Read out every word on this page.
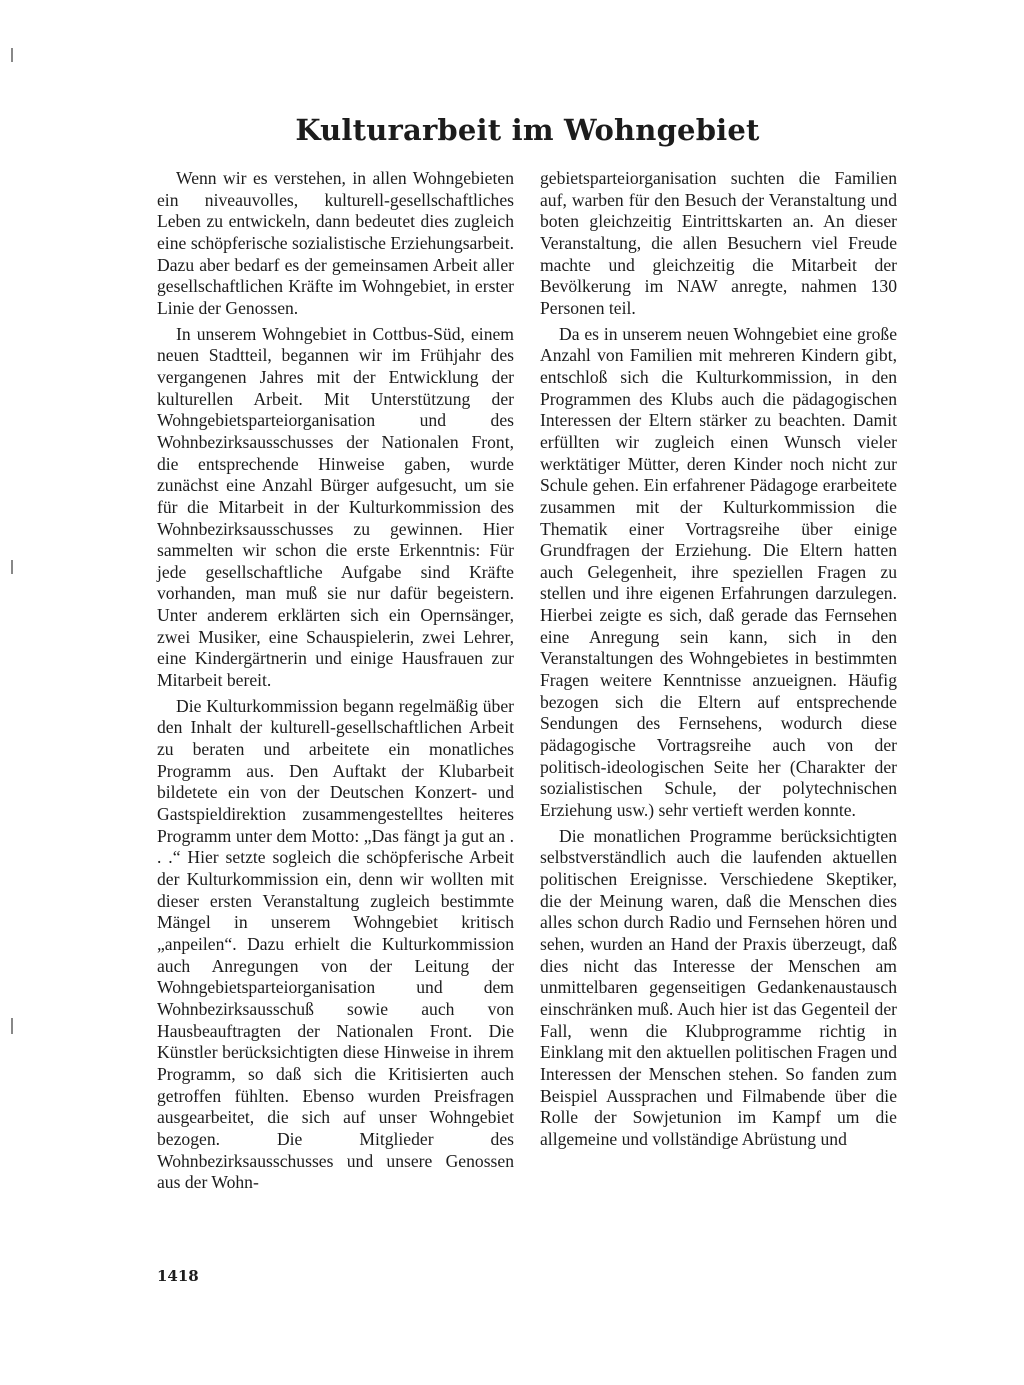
Kulturarbeit im Wohngebiet

Wenn wir es verstehen, in allen Wohngebieten ein niveauvolles, kulturell-gesellschaftliches Leben zu entwickeln, dann bedeutet dies zugleich eine schöpferische sozialistische Erziehungsarbeit. Dazu aber bedarf es der gemeinsamen Arbeit aller gesellschaftlichen Kräfte im Wohngebiet, in erster Linie der Genossen.

In unserem Wohngebiet in Cottbus-Süd, einem neuen Stadtteil, begannen wir im Frühjahr des vergangenen Jahres mit der Entwicklung der kulturellen Arbeit. Mit Unterstützung der Wohngebietsparteiorganisation und des Wohnbezirksausschusses der Nationalen Front, die entsprechende Hinweise gaben, wurde zunächst eine Anzahl Bürger aufgesucht, um sie für die Mitarbeit in der Kulturkommission des Wohnbezirksausschusses zu gewinnen. Hier sammelten wir schon die erste Erkenntnis: Für jede gesellschaftliche Aufgabe sind Kräfte vorhanden, man muß sie nur dafür begeistern. Unter anderem erklärten sich ein Opernsänger, zwei Musiker, eine Schauspielerin, zwei Lehrer, eine Kindergärtnerin und einige Hausfrauen zur Mitarbeit bereit.

Die Kulturkommission begann regelmäßig über den Inhalt der kulturell-gesellschaftlichen Arbeit zu beraten und arbeitete ein monatliches Programm aus. Den Auftakt der Klubarbeit bildetete ein von der Deutschen Konzert- und Gastspieldirektion zusammengestelltes heiteres Programm unter dem Motto: „Das fängt ja gut an . . .“ Hier setzte sogleich die schöpferische Arbeit der Kulturkommission ein, denn wir wollten mit dieser ersten Veranstaltung zugleich bestimmte Mängel in unserem Wohngebiet kritisch „anpeilen“. Dazu erhielt die Kulturkommission auch Anregungen von der Leitung der Wohngebietsparteiorganisation und dem Wohnbezirksausschuß sowie auch von Hausbeauftragten der Nationalen Front. Die Künstler berücksichtigten diese Hinweise in ihrem Programm, so daß sich die Kritisierten auch getroffen fühlten. Ebenso wurden Preisfragen ausgearbeitet, die sich auf unser Wohngebiet bezogen. Die Mitglieder des Wohnbezirksausschusses und unsere Genossen aus der Wohn-

gebietsparteiorganisation suchten die Familien auf, warben für den Besuch der Veranstaltung und boten gleichzeitig Eintrittskarten an. An dieser Veranstaltung, die allen Besuchern viel Freude machte und gleichzeitig die Mitarbeit der Bevölkerung im NAW anregte, nahmen 130 Personen teil.

Da es in unserem neuen Wohngebiet eine große Anzahl von Familien mit mehreren Kindern gibt, entschloß sich die Kulturkommission, in den Programmen des Klubs auch die pädagogischen Interessen der Eltern stärker zu beachten. Damit erfüllten wir zugleich einen Wunsch vieler werktätiger Mütter, deren Kinder noch nicht zur Schule gehen. Ein erfahrener Pädagoge erarbeitete zusammen mit der Kulturkommission die Thematik einer Vortragsreihe über einige Grundfragen der Erziehung. Die Eltern hatten auch Gelegenheit, ihre speziellen Fragen zu stellen und ihre eigenen Erfahrungen darzulegen. Hierbei zeigte es sich, daß gerade das Fernsehen eine Anregung sein kann, sich in den Veranstaltungen des Wohngebietes in bestimmten Fragen weitere Kenntnisse anzueignen. Häufig bezogen sich die Eltern auf entsprechende Sendungen des Fernsehens, wodurch diese pädagogische Vortragsreihe auch von der politisch-ideologischen Seite her (Charakter der sozialistischen Schule, der polytechnischen Erziehung usw.) sehr vertieft werden konnte.

Die monatlichen Programme berücksichtigten selbstverständlich auch die laufenden aktuellen politischen Ereignisse. Verschiedene Skeptiker, die der Meinung waren, daß die Menschen dies alles schon durch Radio und Fernsehen hören und sehen, wurden an Hand der Praxis überzeugt, daß dies nicht das Interesse der Menschen am unmittelbaren gegenseitigen Gedankenaustausch einschränken muß. Auch hier ist das Gegenteil der Fall, wenn die Klubprogramme richtig in Einklang mit den aktuellen politischen Fragen und Interessen der Menschen stehen. So fanden zum Beispiel Aussprachen und Filmabende über die Rolle der Sowjetunion im Kampf um die allgemeine und vollständige Abrüstung und

1418
